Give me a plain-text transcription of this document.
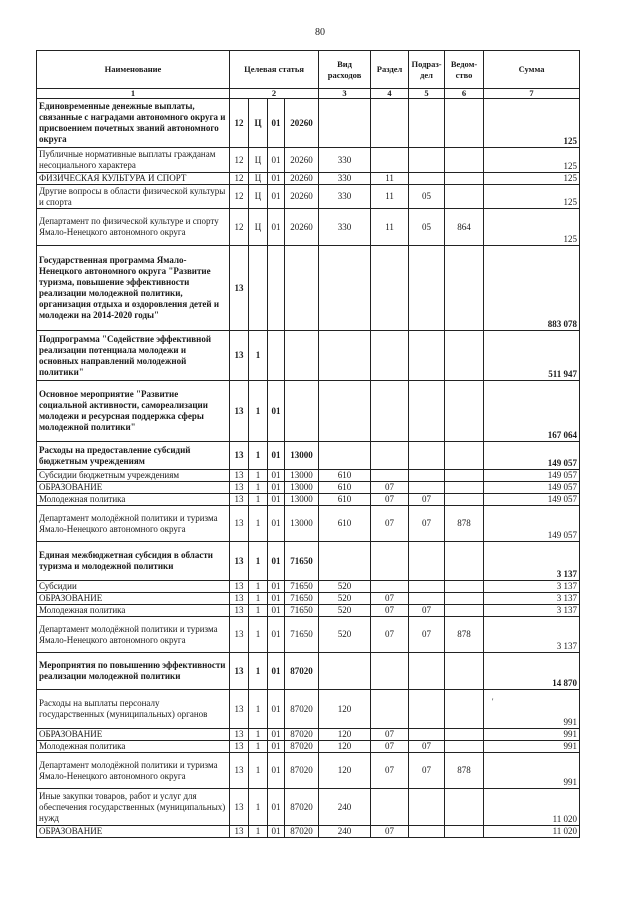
80
Наименование	Целевая статья				Вид расходов	Раздел	Подраз-дел	Ведом-ство	Сумма
1	2				3	4	5	6	7
Единовременные денежные выплаты, связанные с наградами автономного округа и присвоением почетных званий автономного округа	12	Ц	01	20260					125
Публичные нормативные выплаты гражданам несоциального характера	12	Ц	01	20260	330				125
ФИЗИЧЕСКАЯ КУЛЬТУРА И СПОРТ	12	Ц	01	20260	330	11			125
Другие вопросы в области физической культуры и спорта	12	Ц	01	20260	330	11	05		125
Департамент по физической культуре и спорту Ямало-Ненецкого автономного округа	12	Ц	01	20260	330	11	05	864	125
Государственная программа Ямало-Ненецкого автономного округа "Развитие туризма, повышение эффективности реализации молодежной политики, организация отдыха и оздоровления детей и молодежи на 2014-2020 годы"	13								883 078
Подпрограмма "Содействие эффективной реализации потенциала молодежи и основных направлений молодежной политики"	13	1							511 947
Основное мероприятие "Развитие социальной активности, самореализации молодежи и ресурсная поддержка сферы молодежной политики"	13	1	01						167 064
Расходы на предоставление субсидий бюджетным учреждениям	13	1	01	13000					149 057
Субсидии бюджетным учреждениям	13	1	01	13000	610				149 057
ОБРАЗОВАНИЕ	13	1	01	13000	610	07			149 057
Молодежная политика	13	1	01	13000	610	07	07		149 057
Департамент молодёжной политики и туризма Ямало-Ненецкого автономного округа	13	1	01	13000	610	07	07	878	149 057
Единая межбюджетная субсидия в области туризма и молодежной политики	13	1	01	71650					3 137
Субсидии	13	1	01	71650	520				3 137
ОБРАЗОВАНИЕ	13	1	01	71650	520	07			3 137
Молодежная политика	13	1	01	71650	520	07	07		3 137
Департамент молодёжной политики и туризма Ямало-Ненецкого автономного округа	13	1	01	71650	520	07	07	878	3 137
Мероприятия по повышению эффективности реализации молодежной политики	13	1	01	87020					14 870
Расходы на выплаты персоналу государственных (муниципальных) органов	13	1	01	87020	120				991
ОБРАЗОВАНИЕ	13	1	01	87020	120	07			991
Молодежная политика	13	1	01	87020	120	07	07		991
Департамент молодёжной политики и туризма Ямало-Ненецкого автономного округа	13	1	01	87020	120	07	07	878	991
Иные закупки товаров, работ и услуг для обеспечения государственных (муниципальных) нужд	13	1	01	87020	240				11 020
ОБРАЗОВАНИЕ	13	1	01	87020	240	07			11 020
'
